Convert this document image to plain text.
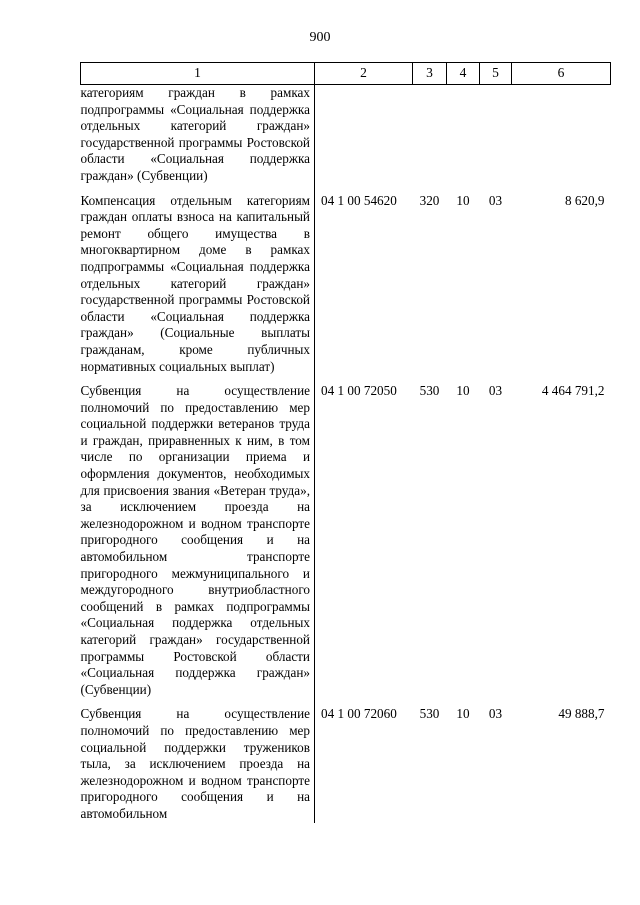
900
1	2	3	4	5	6
категориям граждан в рамках подпрограммы «Социальная поддержка отдельных категорий граждан» государственной программы Ростовской области «Социальная поддержка граждан» (Субвенции)					
Компенсация отдельным категориям граждан оплаты взноса на капитальный ремонт общего имущества в многоквартирном доме в рамках подпрограммы «Социальная поддержка отдельных категорий граждан» государственной программы Ростовской области «Социальная поддержка граждан» (Социальные выплаты гражданам, кроме публичных нормативных социальных выплат)	04 1 00 54620	320	10	03	8 620,9
Субвенция на осуществление полномочий по предоставлению мер социальной поддержки ветеранов труда и граждан, приравненных к ним, в том числе по организации приема и оформления документов, необходимых для присвоения звания «Ветеран труда», за исключением проезда на железнодорожном и водном транспорте пригородного сообщения и на автомобильном транспорте пригородного межмуниципального и междугородного внутриобластного сообщений в рамках подпрограммы «Социальная поддержка отдельных категорий граждан» государственной программы Ростовской области «Социальная поддержка граждан» (Субвенции)	04 1 00 72050	530	10	03	4 464 791,2
Субвенция на осуществление полномочий по предоставлению мер социальной поддержки тружеников тыла, за исключением проезда на железнодорожном и водном транспорте пригородного сообщения и на автомобильном	04 1 00 72060	530	10	03	49 888,7
